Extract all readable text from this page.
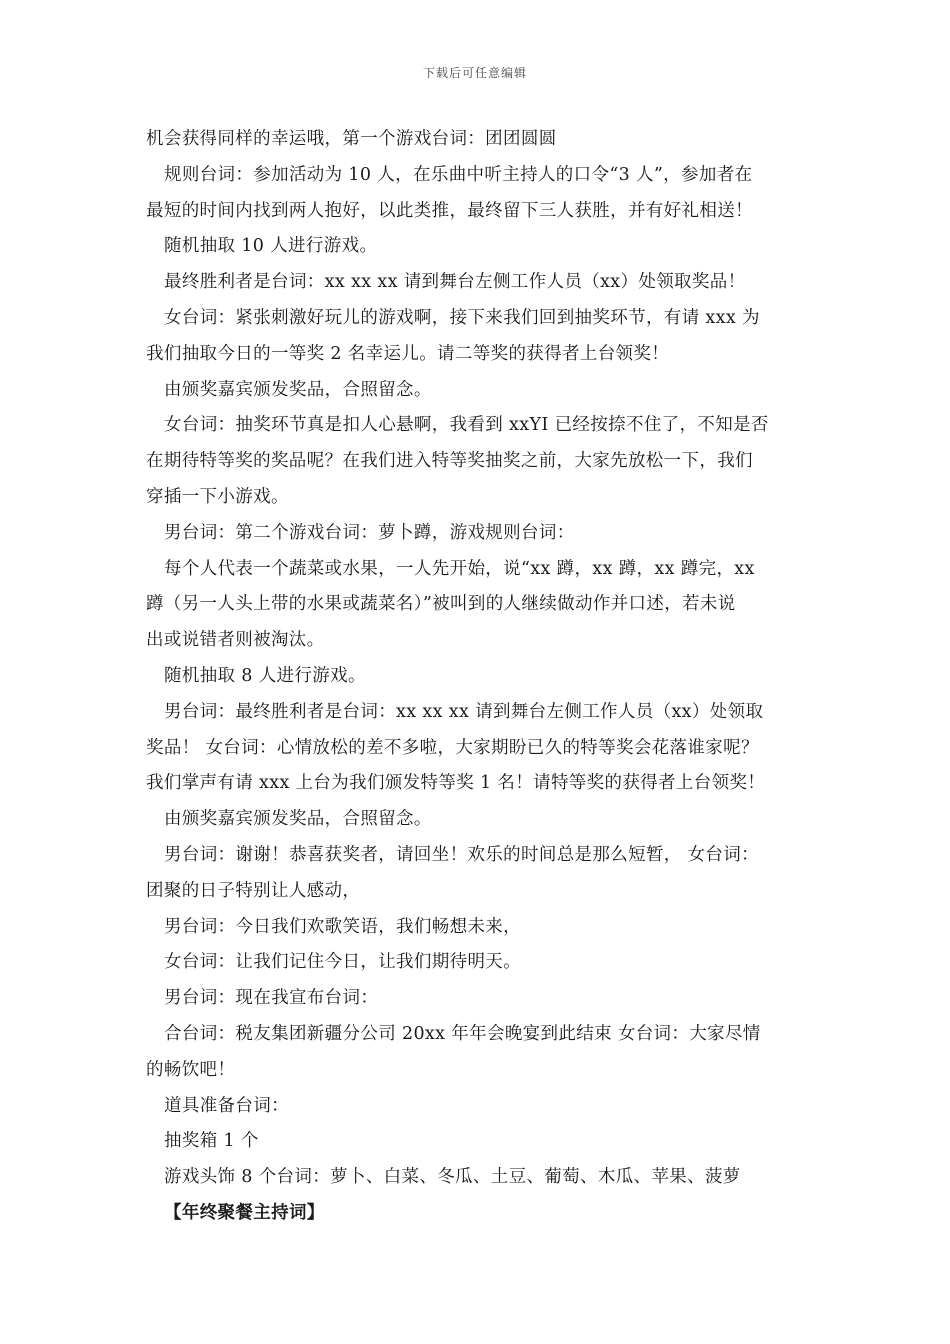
下载后可任意编辑
机会获得同样的幸运哦，第一个游戏台词：团团圆圆
规则台词：参加活动为 10 人，在乐曲中听主持人的口令“3 人”，参加者在
最短的时间内找到两人抱好，以此类推，最终留下三人获胜，并有好礼相送！
随机抽取 10 人进行游戏。
最终胜利者是台词：xx xx xx 请到舞台左侧工作人员（xx）处领取奖品！
女台词：紧张刺激好玩儿的游戏啊，接下来我们回到抽奖环节，有请 xxx 为
我们抽取今日的一等奖 2 名幸运儿。请二等奖的获得者上台领奖！
由颁奖嘉宾颁发奖品，合照留念。
女台词：抽奖环节真是扣人心悬啊，我看到 xxYI 已经按捺不住了，不知是否
在期待特等奖的奖品呢？在我们进入特等奖抽奖之前，大家先放松一下，我们
穿插一下小游戏。
男台词：第二个游戏台词：萝卜蹲，游戏规则台词：
每个人代表一个蔬菜或水果，一人先开始，说“xx 蹲，xx 蹲，xx 蹲完，xx
蹲（另一人头上带的水果或蔬菜名）”被叫到的人继续做动作并口述，若未说
出或说错者则被淘汰。
随机抽取 8 人进行游戏。
男台词：最终胜利者是台词：xx xx xx 请到舞台左侧工作人员（xx）处领取
奖品！ 女台词：心情放松的差不多啦，大家期盼已久的特等奖会花落谁家呢？
我们掌声有请 xxx 上台为我们颁发特等奖 1 名！请特等奖的获得者上台领奖！
由颁奖嘉宾颁发奖品，合照留念。
男台词：谢谢！恭喜获奖者，请回坐！欢乐的时间总是那么短暂， 女台词：
团聚的日子特别让人感动，
男台词：今日我们欢歌笑语，我们畅想未来，
女台词：让我们记住今日，让我们期待明天。
男台词：现在我宣布台词：
合台词：税友集团新疆分公司 20xx 年年会晚宴到此结束 女台词：大家尽情
的畅饮吧！
道具准备台词：
抽奖箱 1 个
游戏头饰 8 个台词：萝卜、白菜、冬瓜、土豆、葡萄、木瓜、苹果、菠萝
【年终聚餐主持词】
